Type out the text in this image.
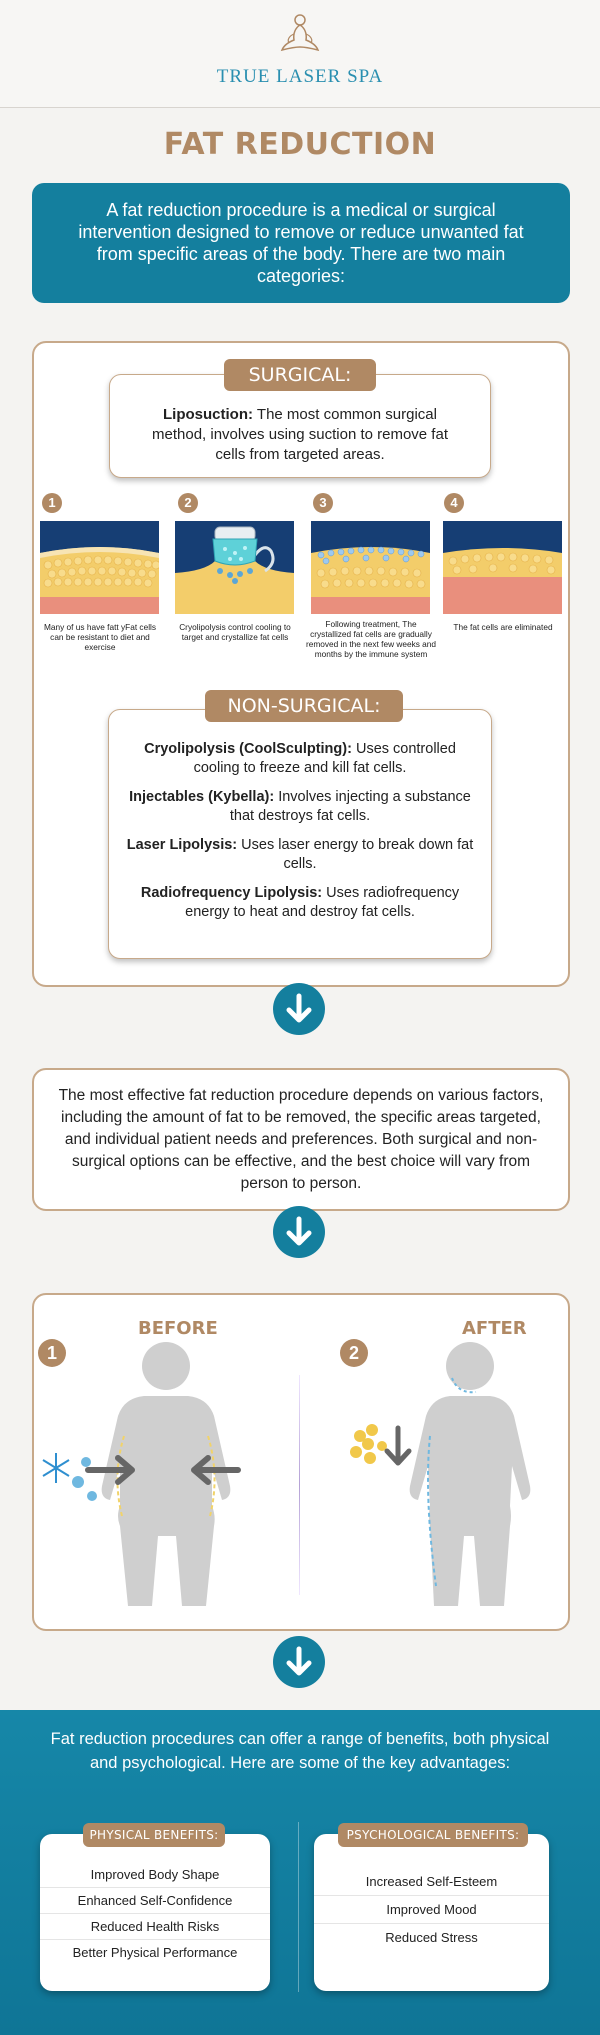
TRUE LASER SPA
FAT REDUCTION
A fat reduction procedure is a medical or surgical intervention designed to remove or reduce unwanted fat from specific areas of the body. There are two main categories:
Liposuction: The most common surgical method, involves using suction to remove fat cells from targeted areas.
SURGICAL:
1	2	3	4
Many of us have fatt yFat cells can be resistant to diet and exercise
Cryolipolysis control cooling to target and crystallize fat cells
Following treatment, The crystallized fat cells are gradually removed in the next few weeks and months by the immune system
The fat cells are eliminated

Cryolipolysis (CoolSculpting): Uses controlled cooling to freeze and kill fat cells.

Injectables (Kybella): Involves injecting a substance that destroys fat cells.

Laser Lipolysis: Uses laser energy to break down fat cells.

Radiofrequency Lipolysis: Uses radiofrequency energy to heat and destroy fat cells.

NON-SURGICAL:
The most effective fat reduction procedure depends on various factors, including the amount of fat to be removed, the specific areas targeted, and individual patient needs and preferences. Both surgical and non-surgical options can be effective, and the best choice will vary from person to person.
1
BEFORE
2
AFTER
Fat reduction procedures can offer a range of benefits, both physical and psychological. Here are some of the key advantages:
Improved Body Shape
Enhanced Self-Confidence
Reduced Health Risks
Better Physical Performance
PHYSICAL BENEFITS:
Increased Self-Esteem
Improved Mood
Reduced Stress
PSYCHOLOGICAL BENEFITS:
